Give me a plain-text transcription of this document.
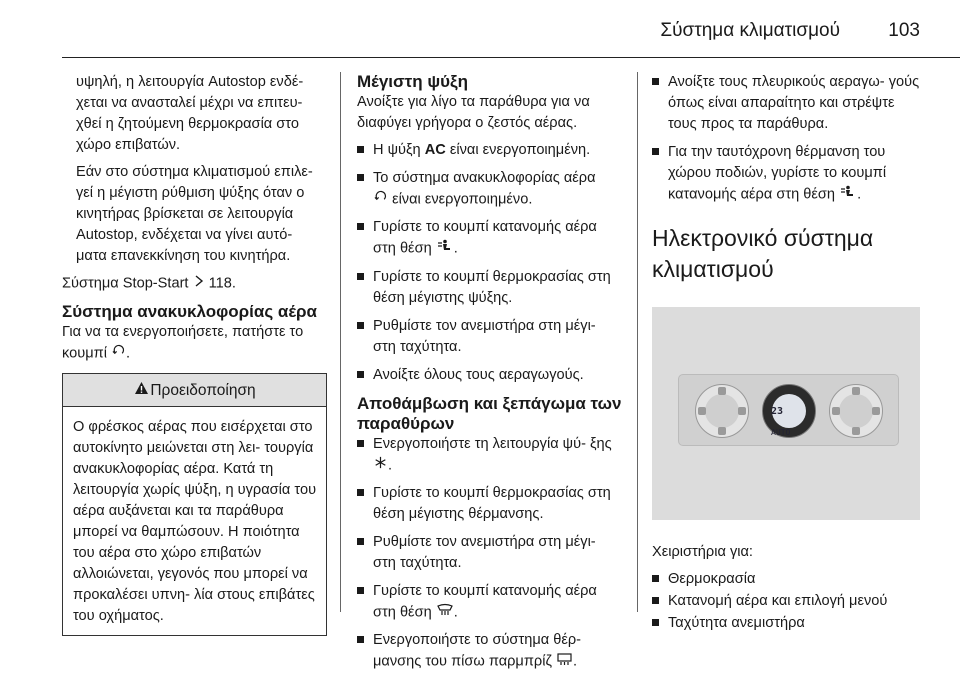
Σύστημα κλιματισμού	103

υψηλή, η λειτουργία Autostop ενδέ- χεται να ανασταλεί μέχρι να επιτευ- χθεί η ζητούμενη θερμοκρασία στο χώρο επιβατών.

Εάν στο σύστημα κλιματισμού επιλε- γεί η μέγιστη ρύθμιση ψύξης όταν ο κινητήρας βρίσκεται σε λειτουργία Autostop, ενδέχεται να γίνει αυτό- ματα επανεκκίνηση του κινητήρα.

Σύστημα Stop-Start 118.

Σύστημα ανακυκλοφορίας αέρα

Για να τα ενεργοποιήσετε, πατήστε το κουμπί .

Προειδοποίηση
Ο φρέσκος αέρας που εισέρχεται στο αυτοκίνητο μειώνεται στη λει- τουργία ανακυκλοφορίας αέρα. Κατά τη λειτουργία χωρίς ψύξη, η υγρασία του αέρα αυξάνεται και τα παράθυρα μπορεί να θαμπώσουν. Η ποιότητα του αέρα στο χώρο επιβατών αλλοιώνεται, γεγονός που μπορεί να προκαλέσει υπνη- λία στους επιβάτες του οχήματος.
Μέγιστη ψύξη

Ανοίξτε για λίγο τα παράθυρα για να διαφύγει γρήγορα ο ζεστός αέρας.

Η ψύξη AC είναι ενεργοποιημένη.
Το σύστημα ανακυκλοφορίας αέρα
είναι ενεργοποιημένο.
Γυρίστε το κουμπί κατανομής αέρα στη θέση .
Γυρίστε το κουμπί θερμοκρασίας στη θέση μέγιστης ψύξης.
Ρυθμίστε τον ανεμιστήρα στη μέγι- στη ταχύτητα.
Ανοίξτε όλους τους αεραγωγούς.
Αποθάμβωση και ξεπάγωμα των παραθύρων
Ενεργοποιήστε τη λειτουργία ψύ- ξης .
Γυρίστε το κουμπί θερμοκρασίας στη θέση μέγιστης θέρμανσης.
Ρυθμίστε τον ανεμιστήρα στη μέγι- στη ταχύτητα.
Γυρίστε το κουμπί κατανομής αέρα στη θέση .
Ενεργοποιήστε το σύστημα θέρ- μανσης του πίσω παρμπρίζ .
Ανοίξτε τους πλευρικούς αεραγω- γούς όπως είναι απαραίτητο και στρέψτε τους προς τα παράθυρα.
Για την ταυτόχρονη θέρμανση του χώρου ποδιών, γυρίστε το κουμπί κατανομής αέρα στη θέση .
Ηλεκτρονικό σύστημα κλιματισμού
23
AUTO

Χειριστήρια για:

Θερμοκρασία
Κατανομή αέρα και επιλογή μενού
Ταχύτητα ανεμιστήρα
